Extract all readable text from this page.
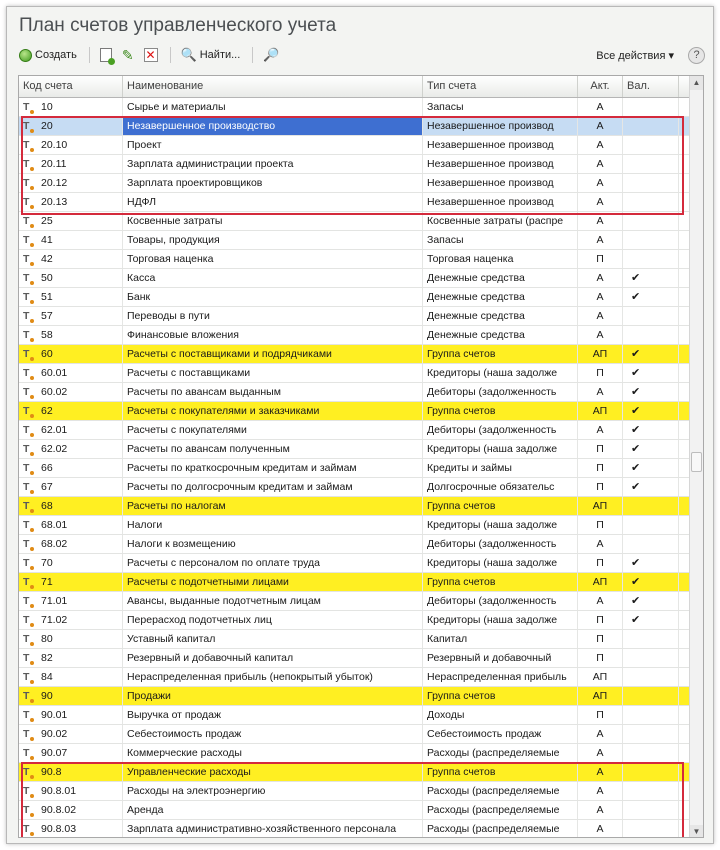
План счетов управленческого учета
Создать	✎ ✕ 🔍 Найти... 🔎	Все действия ▾	?
Код счета	Наименование	Тип счета	Акт.	Вал.
T 10	Сырье и материалы	Запасы	А
T 20	Незавершенное производство	Незавершенное производ	А
T 20.10	Проект	Незавершенное производ	А
T 20.11	Зарплата администрации проекта	Незавершенное производ	А
T 20.12	Зарплата проектировщиков	Незавершенное производ	А
T 20.13	НДФЛ	Незавершенное производ	А
T 25	Косвенные затраты	Косвенные затраты (распре	А
T 41	Товары, продукция	Запасы	А
T 42	Торговая наценка	Торговая наценка	П
T 50	Касса	Денежные средства	А	✔
T 51	Банк	Денежные средства	А	✔
T 57	Переводы в пути	Денежные средства	А
T 58	Финансовые вложения	Денежные средства	А
T 60	Расчеты с поставщиками и подрядчиками	Группа счетов	АП	✔
T 60.01	Расчеты с поставщиками	Кредиторы (наша задолже	П	✔
T 60.02	Расчеты по авансам выданным	Дебиторы (задолженность	А	✔
T 62	Расчеты с покупателями и заказчиками	Группа счетов	АП	✔
T 62.01	Расчеты с покупателями	Дебиторы (задолженность	А	✔
T 62.02	Расчеты по авансам полученным	Кредиторы (наша задолже	П	✔
T 66	Расчеты по краткосрочным кредитам и займам	Кредиты и займы	П	✔
T 67	Расчеты по долгосрочным кредитам и займам	Долгосрочные обязательс	П	✔
T 68	Расчеты по налогам	Группа счетов	АП
T 68.01	Налоги	Кредиторы (наша задолже	П
T 68.02	Налоги к возмещению	Дебиторы (задолженность	А
T 70	Расчеты с персоналом по оплате труда	Кредиторы (наша задолже	П	✔
T 71	Расчеты с подотчетными лицами	Группа счетов	АП	✔
T 71.01	Авансы, выданные подотчетным лицам	Дебиторы (задолженность	А	✔
T 71.02	Перерасход подотчетных лиц	Кредиторы (наша задолже	П	✔
T 80	Уставный капитал	Капитал	П
T 82	Резервный и добавочный капитал	Резервный и добавочный	П
T 84	Нераспределенная прибыль (непокрытый убыток)	Нераспределенная прибыль	АП
T 90	Продажи	Группа счетов	АП
T 90.01	Выручка от продаж	Доходы	П
T 90.02	Себестоимость продаж	Себестоимость продаж	А
T 90.07	Коммерческие расходы	Расходы (распределяемые	А
T 90.8	Управленческие расходы	Группа счетов	А
T 90.8.01	Расходы на электроэнергию	Расходы (распределяемые	А
T 90.8.02	Аренда	Расходы (распределяемые	А
T 90.8.03	Зарплата административно-хозяйственного персонала	Расходы (распределяемые	А
▲
▼
